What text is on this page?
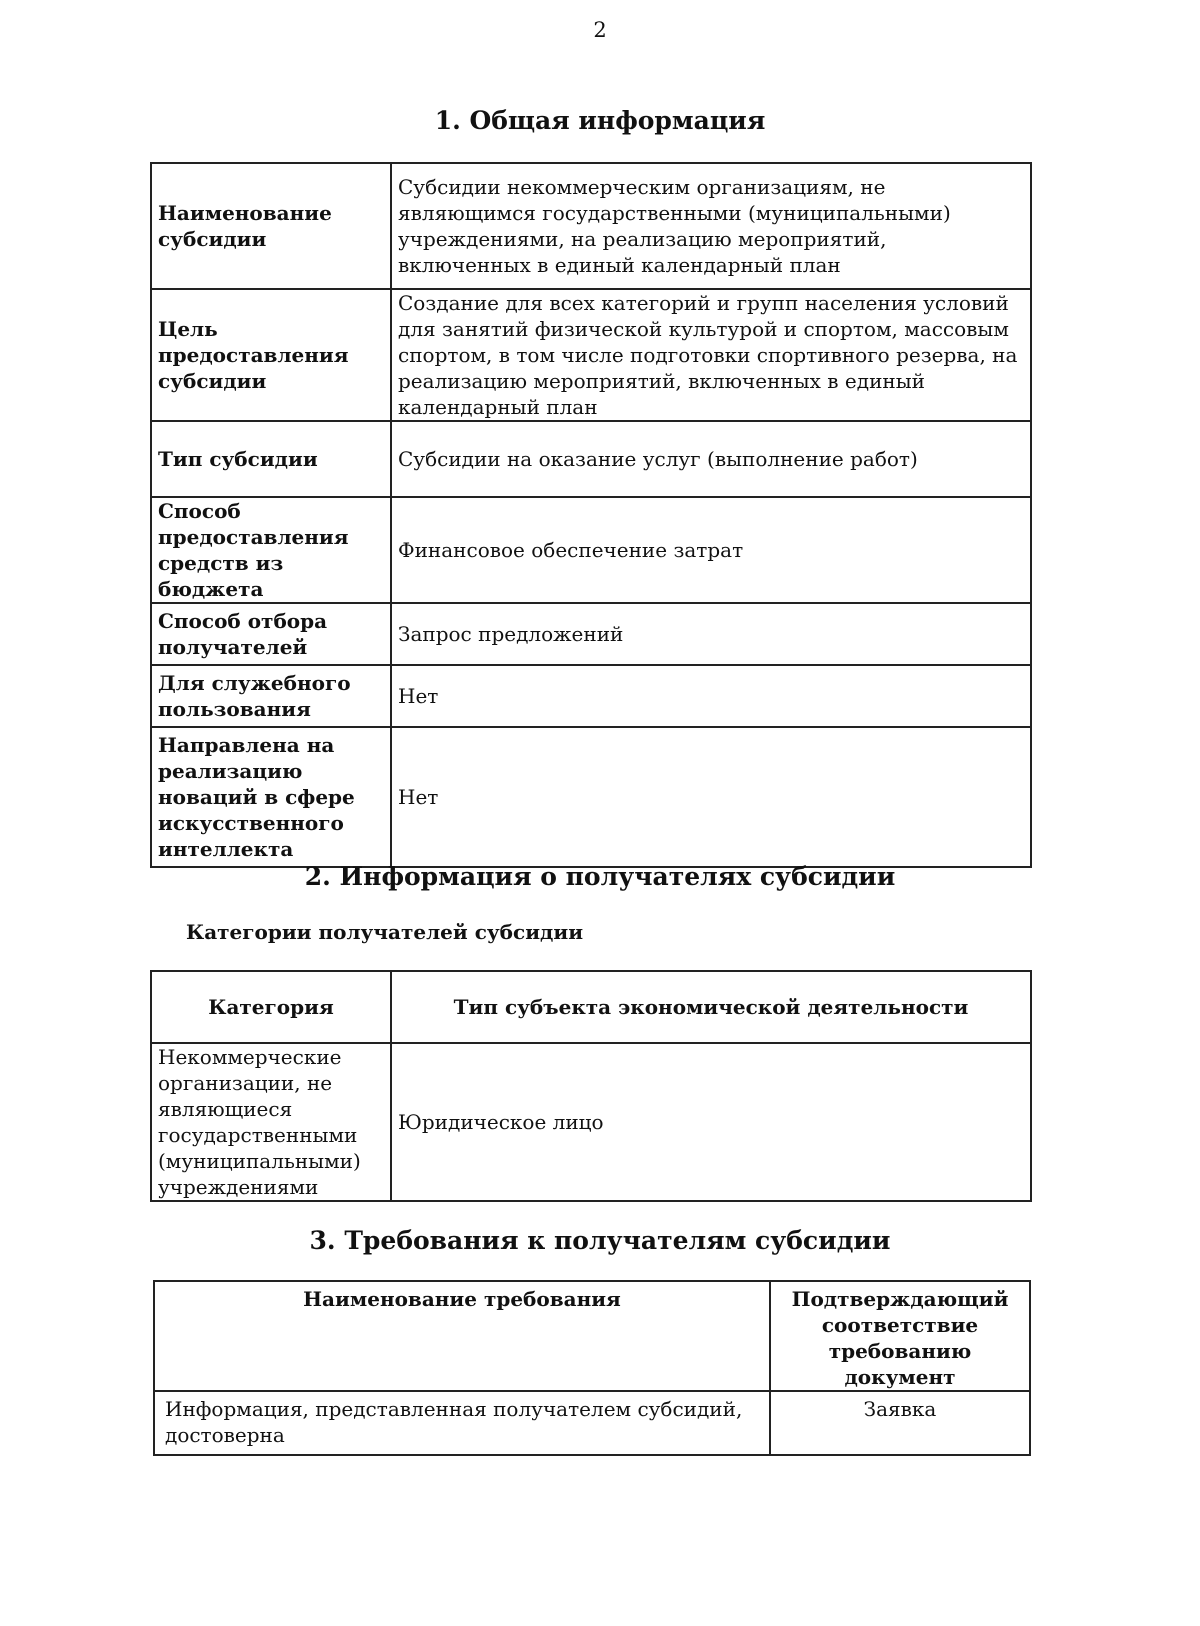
2
1. Общая информация
Наименование субсидии	Субсидии некоммерческим организациям, не являющимся государственными (муниципальными) учреждениями, на реализацию мероприятий, включенных в единый календарный план
Цель предоставления субсидии	Создание для всех категорий и групп населения условий для занятий физической культурой и спортом, массовым спортом, в том числе подготовки спортивного резерва, на реализацию мероприятий, включенных в единый календарный план
Тип субсидии	Субсидии на оказание услуг (выполнение работ)
Способ предоставления средств из бюджета	Финансовое обеспечение затрат
Способ отбора получателей	Запрос предложений
Для служебного пользования	Нет
Направлена на реализацию новаций в сфере искусственного интеллекта	Нет
2. Информация о получателях субсидии
Категории получателей субсидии
Категория	Тип субъекта экономической деятельности
Некоммерческие организации, не являющиеся государственными (муниципальными) учреждениями	Юридическое лицо
3. Требования к получателям субсидии
Наименование требования	Подтверждающий соответствие требованию документ
Информация, представленная получателем субсидий, достоверна	Заявка
